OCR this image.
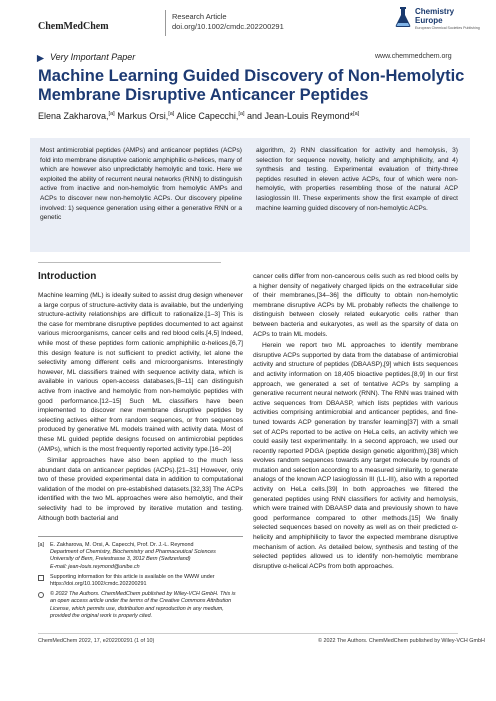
ChemMedChem
Research Article
doi.org/10.1002/cmdc.202200291
Chemistry
Europe
European Chemical Societies Publishing
www.chemmedchem.org
Very Important Paper
Machine Learning Guided Discovery of Non-Hemolytic Membrane Disruptive Anticancer Peptides
Elena Zakharova,[a] Markus Orsi,[a] Alice Capecchi,[a] and Jean-Louis Reymond*[a]

Most antimicrobial peptides (AMPs) and anticancer peptides (ACPs) fold into membrane disruptive cationic amphiphilic α-helices, many of which are however also unpredictably hemolytic and toxic. Here we exploited the ability of recurrent neural networks (RNN) to distinguish active from inactive and non-hemolytic from hemolytic AMPs and ACPs to discover new non-hemolytic ACPs. Our discovery pipeline involved: 1) sequence generation using either a generative RNN or a genetic

algorithm, 2) RNN classification for activity and hemolysis, 3) selection for sequence novelty, helicity and amphiphilicity, and 4) synthesis and testing. Experimental evaluation of thirty-three peptides resulted in eleven active ACPs, four of which were non-hemolytic, with properties resembling those of the natural ACP lasioglossin III. These experiments show the first example of direct machine learning guided discovery of non-hemolytic ACPs.

Introduction

Machine learning (ML) is ideally suited to assist drug design whenever a large corpus of structure-activity data is available, but the underlying structure-activity relationships are difficult to rationalize.[1–3] This is the case for membrane disruptive peptides documented to act against various microorganisms, cancer cells and red blood cells.[4,5] Indeed, while most of these peptides form cationic amphiphilic α-helices,[6,7] this design feature is not sufficient to predict activity, let alone the selectivity among different cells and microorganisms. Interestingly however, ML classifiers trained with sequence activity data, which is available in various open-access databases,[8–11] can distinguish active from inactive and hemolytic from non-hemolytic peptides with good performance.[12–15] Such ML classifiers have been implemented to discover new membrane disruptive peptides by selecting actives either from random sequences, or from sequences produced by generative ML models trained with activity data. Most of these ML guided peptide designs focused on antimicrobial peptides (AMPs), which is the most frequently reported activity type.[16–20]

Similar approaches have also been applied to the much less abundant data on anticancer peptides (ACPs).[21–31] However, only two of these provided experimental data in addition to computational validation of the model on pre-established datasets.[32,33] The ACPs identified with the two ML approaches were also hemolytic, and their selectivity had to be improved by iterative mutation and testing. Although both bacterial and

cancer cells differ from non-cancerous cells such as red blood cells by a higher density of negatively charged lipids on the extracellular side of their membranes,[34–36] the difficulty to obtain non-hemolytic membrane disruptive ACPs by ML probably reflects the challenge to distinguish between closely related eukaryotic cells rather than between bacteria and eukaryotes, as well as the sparsity of data on ACPs to train ML models.

Herein we report two ML approaches to identify membrane disruptive ACPs supported by data from the database of antimicrobial activity and structure of peptides (DBAASP),[9] which lists sequences and activity information on 18,405 bioactive peptides.[8,9] In our first approach, we generated a set of tentative ACPs by sampling a generative recurrent neural network (RNN). The RNN was trained with active sequences from DBAASP, which lists peptides with various activities comprising antimicrobial and anticancer peptides, and fine-tuned towards ACP generation by transfer learning[37] with a small set of ACPs reported to be active on HeLa cells, an activity which we could easily test experimentally. In a second approach, we used our recently reported PDGA (peptide design genetic algorithm),[38] which evolves random sequences towards any target molecule by rounds of mutation and selection according to a measured similarity, to generate analogs of the known ACP lasioglossin III (LL-III), also with a reported activity on HeLa cells.[39] In both approaches we filtered the generated peptides using RNN classifiers for activity and hemolysis, which were trained with DBAASP data and previously shown to have good performance compared to other methods.[15] We finally selected sequences based on novelty as well as on their predicted α-helicity and amphiphilicity to favor the expected membrane disruptive mechanism of action. As detailed below, synthesis and testing of the selected peptides allowed us to identify non-hemolytic membrane disruptive α-helical ACPs from both approaches.

[a] E. Zakharova, M. Orsi, A. Capecchi, Prof. Dr. J.-L. Reymond
Department of Chemistry, Biochemistry and Pharmaceutical Sciences
University of Bern, Freiestrasse 3, 3012 Bern (Switzerland)
E-mail: jean-louis.reymond@unibe.ch
Supporting information for this article is available on the WWW under https://doi.org/10.1002/cmdc.202200291
© 2022 The Authors. ChemMedChem published by Wiley-VCH GmbH. This is an open access article under the terms of the Creative Commons Attribution License, which permits use, distribution and reproduction in any medium, provided the original work is properly cited.
ChemMedChem 2022, 17, e202200291 (1 of 10)	© 2022 The Authors. ChemMedChem published by Wiley-VCH GmbH
